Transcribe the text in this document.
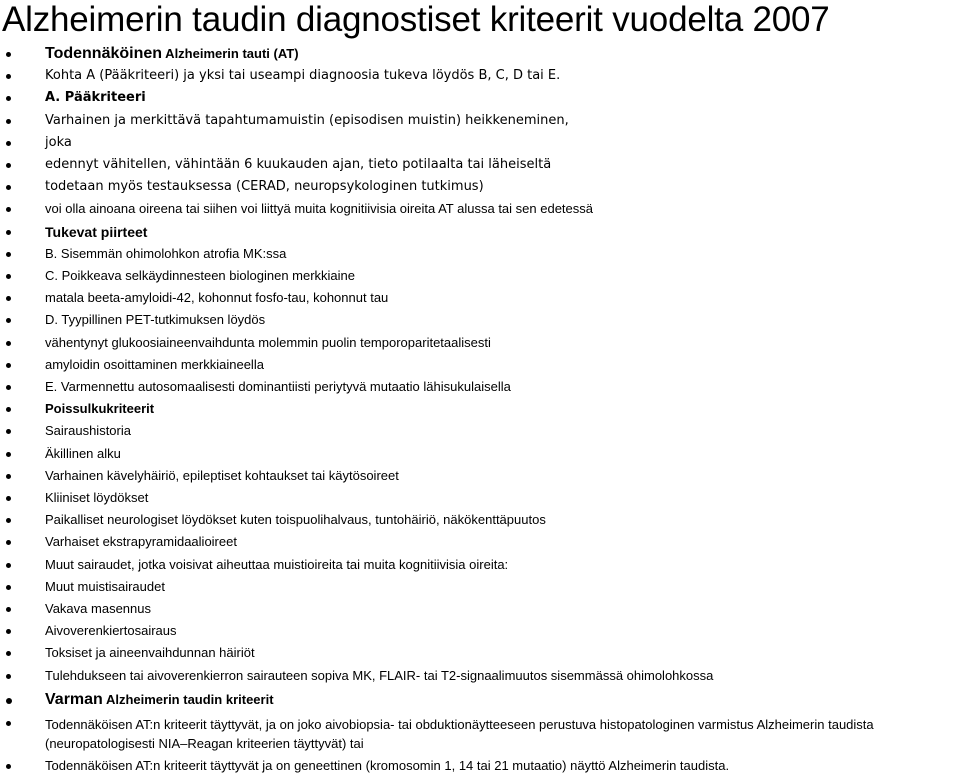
Alzheimerin taudin diagnostiset kriteerit vuodelta 2007
Todennäköinen Alzheimerin tauti (AT)
Kohta A (Pääkriteeri) ja yksi tai useampi diagnoosia tukeva löydös B, C, D tai E.
A. Pääkriteeri
Varhainen ja merkittävä tapahtumamuistin (episodisen muistin) heikkeneminen,
joka
edennyt vähitellen, vähintään 6 kuukauden ajan, tieto potilaalta tai läheiseltä
todetaan myös testauksessa (CERAD, neuropsykologinen tutkimus)
voi olla ainoana oireena tai siihen voi liittyä muita kognitiivisia oireita AT alussa tai sen edetessä
Tukevat piirteet
B. Sisemmän ohimolohkon atrofia MK:ssa
C. Poikkeava selkäydinnesteen biologinen merkkiaine
matala beeta-amyloidi-42, kohonnut fosfo-tau, kohonnut tau
D. Tyypillinen PET-tutkimuksen löydös
vähentynyt glukoosiaineenvaihdunta molemmin puolin temporoparitetaalisesti
amyloidin osoittaminen merkkiaineella
E. Varmennettu autosomaalisesti dominantiisti periytyvä mutaatio lähisukulaisella
Poissulkukriteerit
Sairaushistoria
Äkillinen alku
Varhainen kävelyhäiriö, epileptiset kohtaukset tai käytösoireet
Kliiniset löydökset
Paikalliset neurologiset löydökset kuten toispuolihalvaus, tuntohäiriö, näkökenttäpuutos
Varhaiset ekstrapyramidaalioireet
Muut sairaudet, jotka voisivat aiheuttaa muistioireita tai muita kognitiivisia oireita:
Muut muistisairaudet
Vakava masennus
Aivoverenkiertosairaus
Toksiset ja aineenvaihdunnan häiriöt
Tulehdukseen tai aivoverenkierron sairauteen sopiva MK, FLAIR- tai T2-signaalimuutos sisemmässä ohimolohkossa
Varman Alzheimerin taudin kriteerit
Todennäköisen AT:n kriteerit täyttyvät, ja on joko aivobiopsia- tai obduktionäytteeseen perustuva histopatologinen varmistus Alzheimerin taudista (neuropatologisesti NIA–Reagan kriteerien täyttyvät) tai
Todennäköisen AT:n kriteerit täyttyvät ja on geneettinen (kromosomin 1, 14 tai 21 mutaatio) näyttö Alzheimerin taudista.
